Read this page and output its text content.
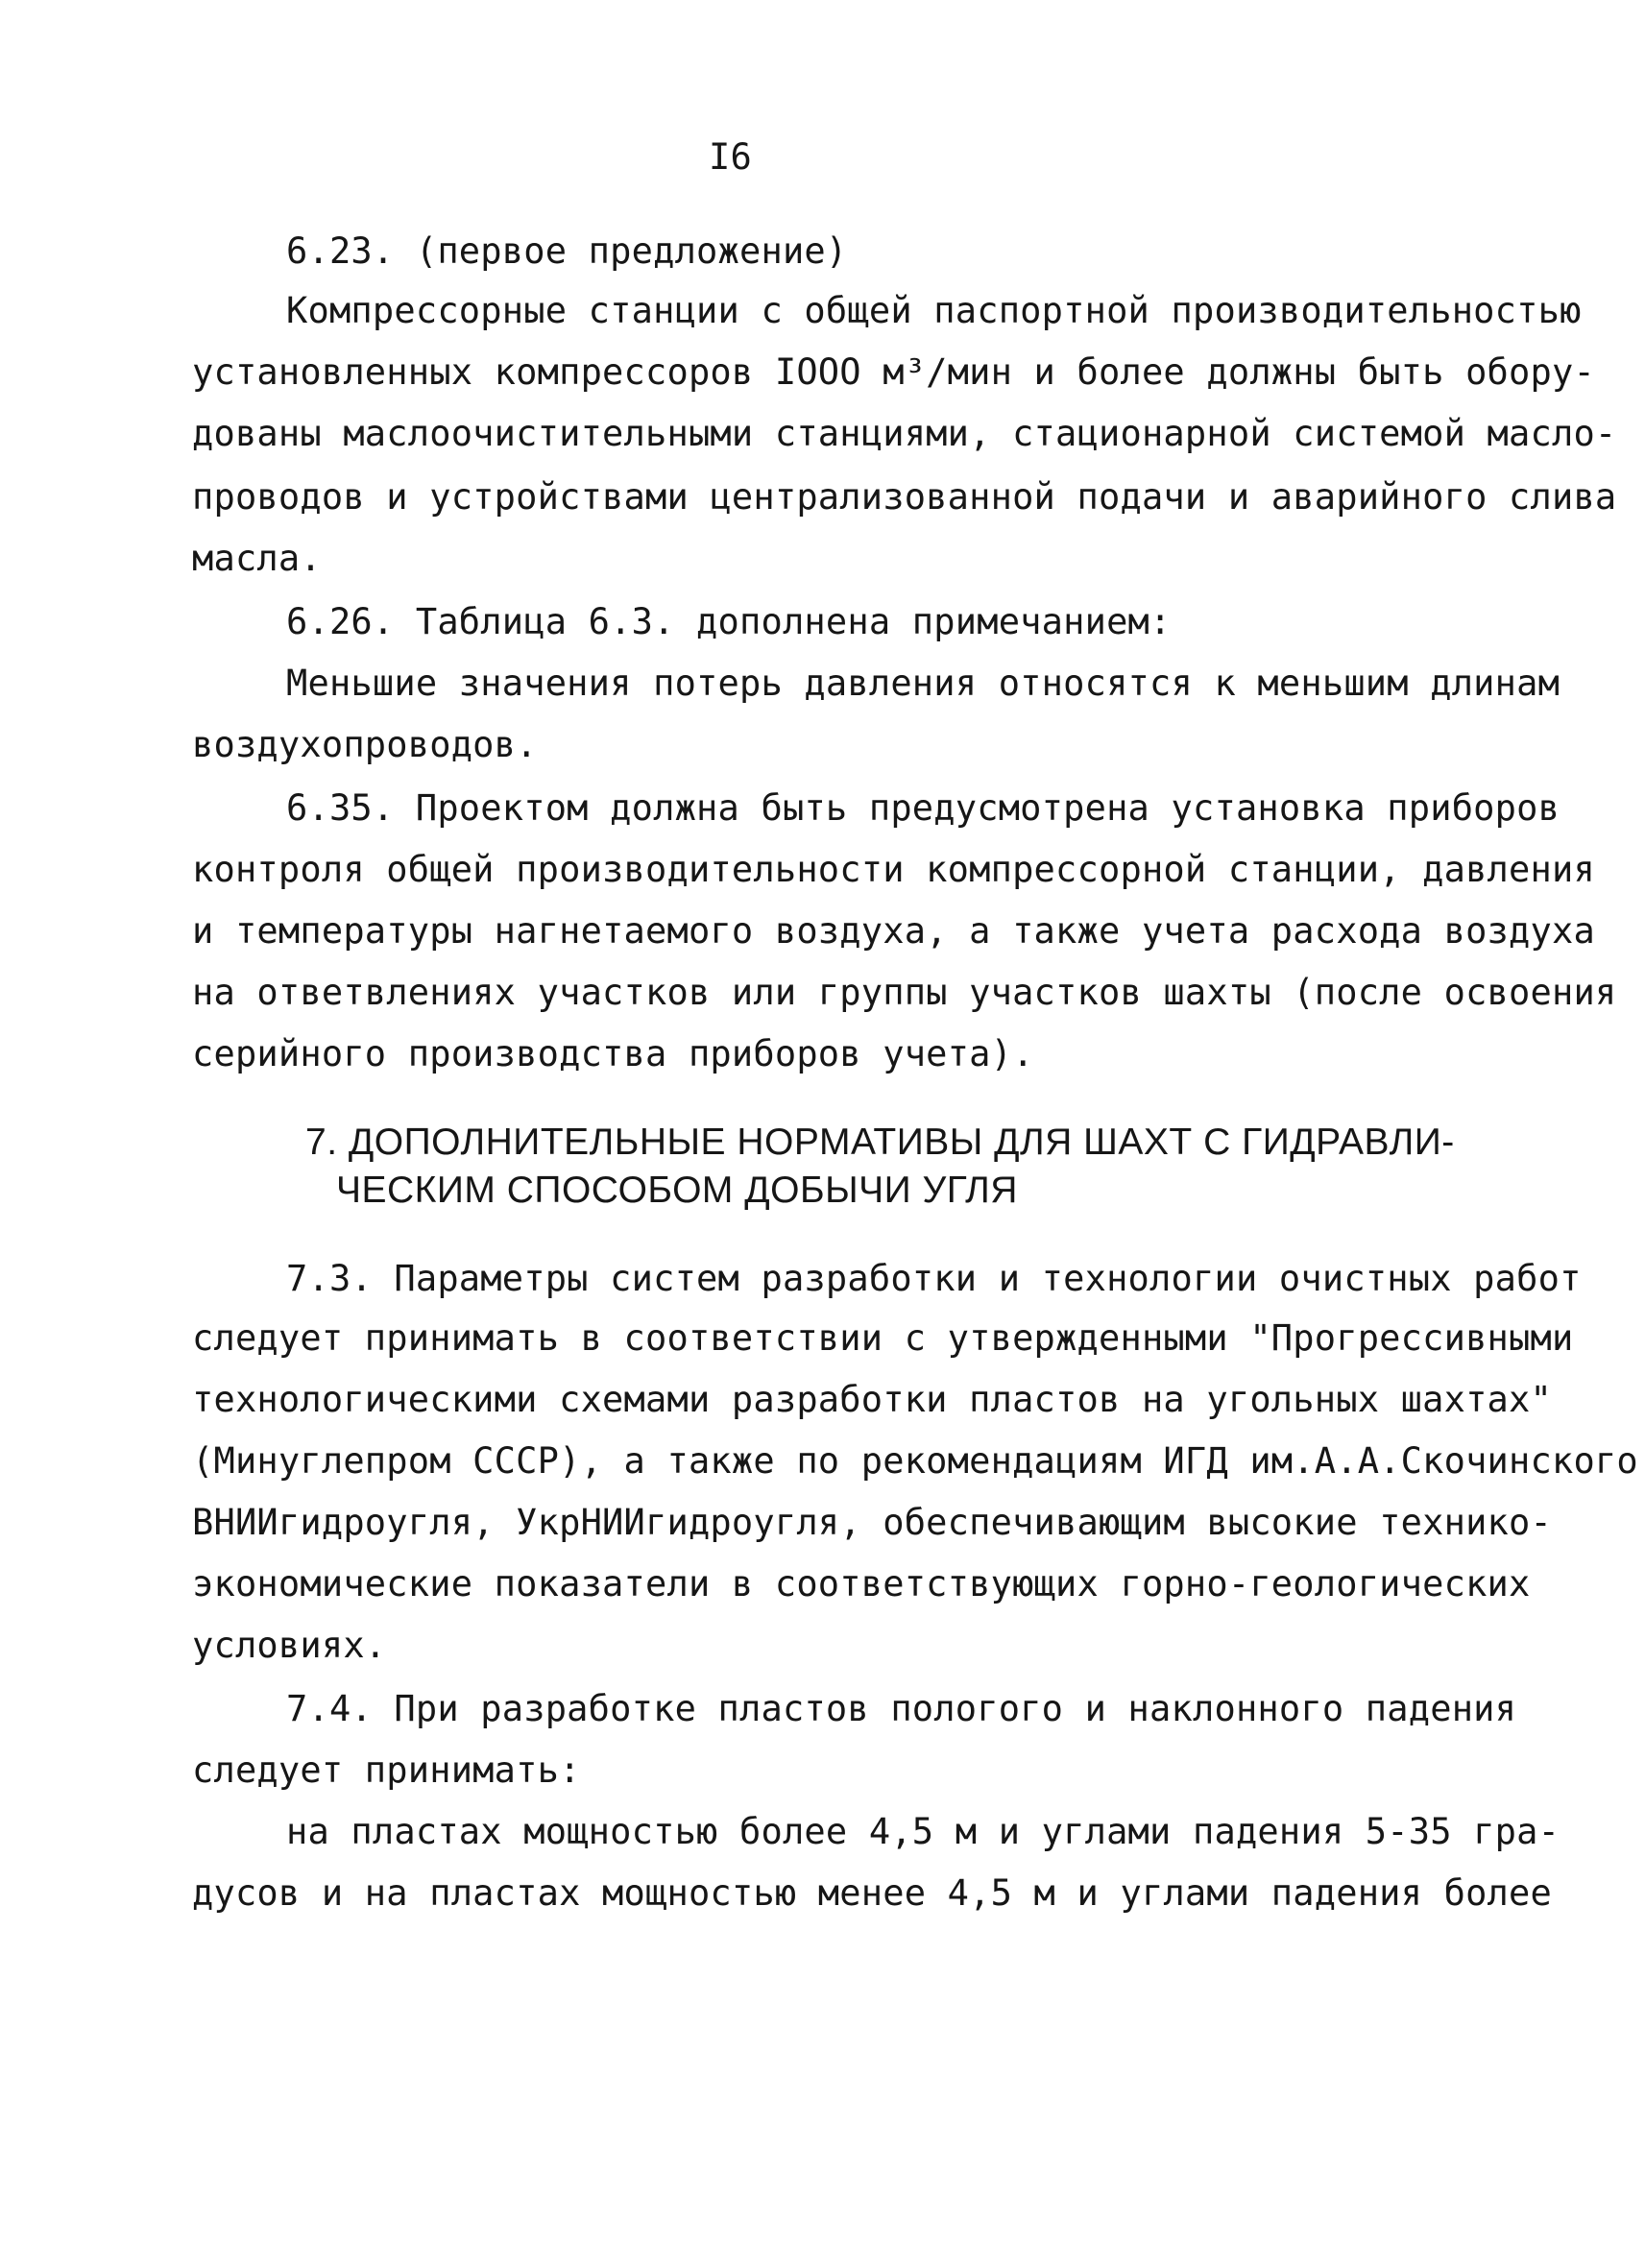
I6
6.23. (первое предложение)
Компрессорные станции с общей паспортной производительностью
установленных компрессоров IООО м³/мин и более должны быть обору-
дованы маслоочистительными станциями, стационарной системой масло-
проводов и устройствами централизованной подачи и аварийного слива
масла.
6.26. Таблица 6.3. дополнена примечанием:
Меньшие значения потерь давления относятся к меньшим длинам
воздухопроводов.
6.35. Проектом должна быть предусмотрена установка приборов
контроля общей производительности компрессорной станции, давления
и температуры нагнетаемого воздуха, а также учета расхода воздуха
на ответвлениях участков или группы участков шахты (после освоения
серийного производства приборов учета).
7. ДОПОЛНИТЕЛЬНЫЕ НОРМАТИВЫ ДЛЯ ШАХТ С ГИДРАВЛИ-
ЧЕСКИМ СПОСОБОМ ДОБЫЧИ УГЛЯ
7.3. Параметры систем разработки и технологии очистных работ
следует принимать в соответствии с утвержденными "Прогрессивными
технологическими схемами разработки пластов на угольных шахтах"
(Минуглепром СССР), а также по рекомендациям ИГД им.А.А.Скочинского
ВНИИгидроугля, УкрНИИгидроугля, обеспечивающим высокие технико-
экономические показатели в соответствующих горно-геологических
условиях.
7.4. При разработке пластов пологого и наклонного падения
следует принимать:
на пластах мощностью более 4,5 м и углами падения 5-35 гра-
дусов и на пластах мощностью менее 4,5 м и углами падения более
